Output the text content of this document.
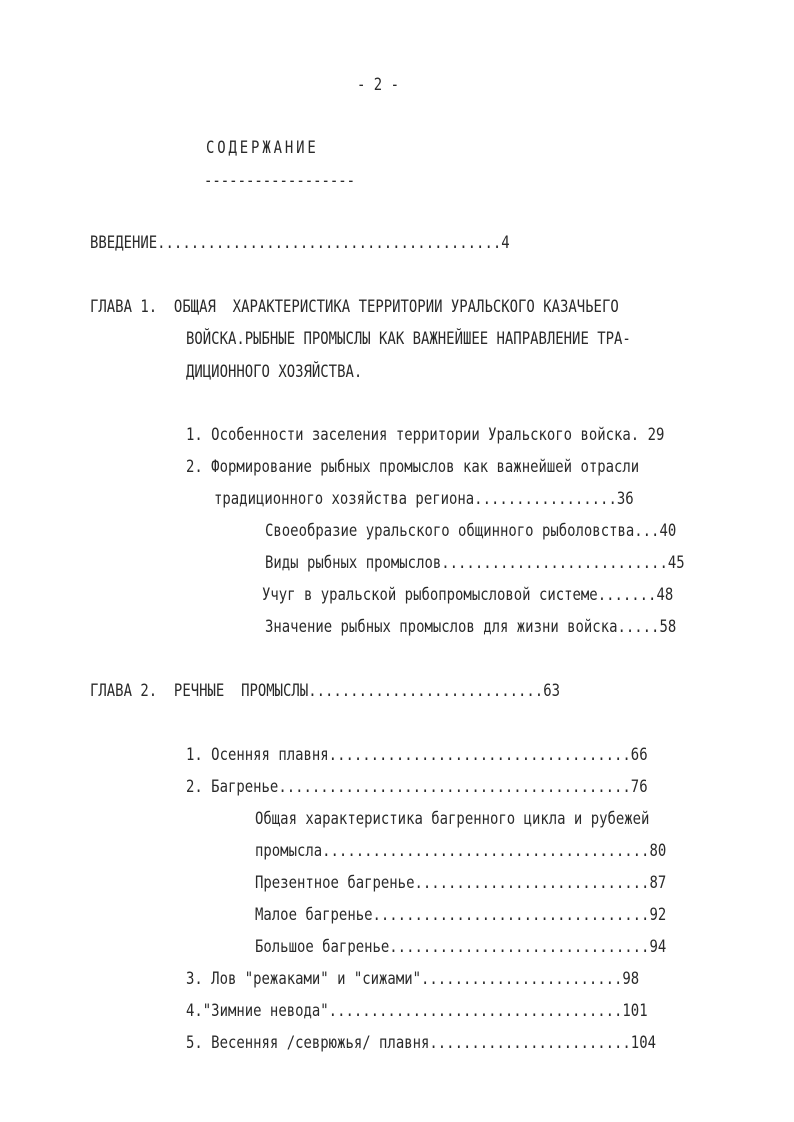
- 2 -
СОДЕРЖАНИЕ
------------------
ВВЕДЕНИЕ.........................................4
ГЛАВА 1.  ОБЩАЯ  ХАРАКТЕРИСТИКА ТЕРРИТОРИИ УРАЛЬСКОГО КАЗАЧЬЕГО
ВОЙСКА.РЫБНЫЕ ПРОМЫСЛЫ КАК ВАЖНЕЙШЕЕ НАПРАВЛЕНИЕ ТРА-
ДИЦИОННОГО ХОЗЯЙСТВА.
1. Особенности заселения территории Уральского войска. 29
2. Формирование рыбных промыслов как важнейшей отрасли
традиционного хозяйства региона.................36
Своеобразие уральского общинного рыболовства...40
Виды рыбных промыслов...........................45
Учуг в уральской рыбопромысловой системе.......48
Значение рыбных промыслов для жизни войска.....58
ГЛАВА 2.  РЕЧНЫЕ  ПРОМЫСЛЫ............................63
1. Осенняя плавня....................................66
2. Багренье..........................................76
Общая характеристика багренного цикла и рубежей
промысла.......................................80
Презентное багренье............................87
Малое багренье.................................92
Большое багренье...............................94
3. Лов "режаками" и "сижами"........................98
4."Зимние невода"...................................101
5. Весенняя /севрюжья/ плавня........................104
